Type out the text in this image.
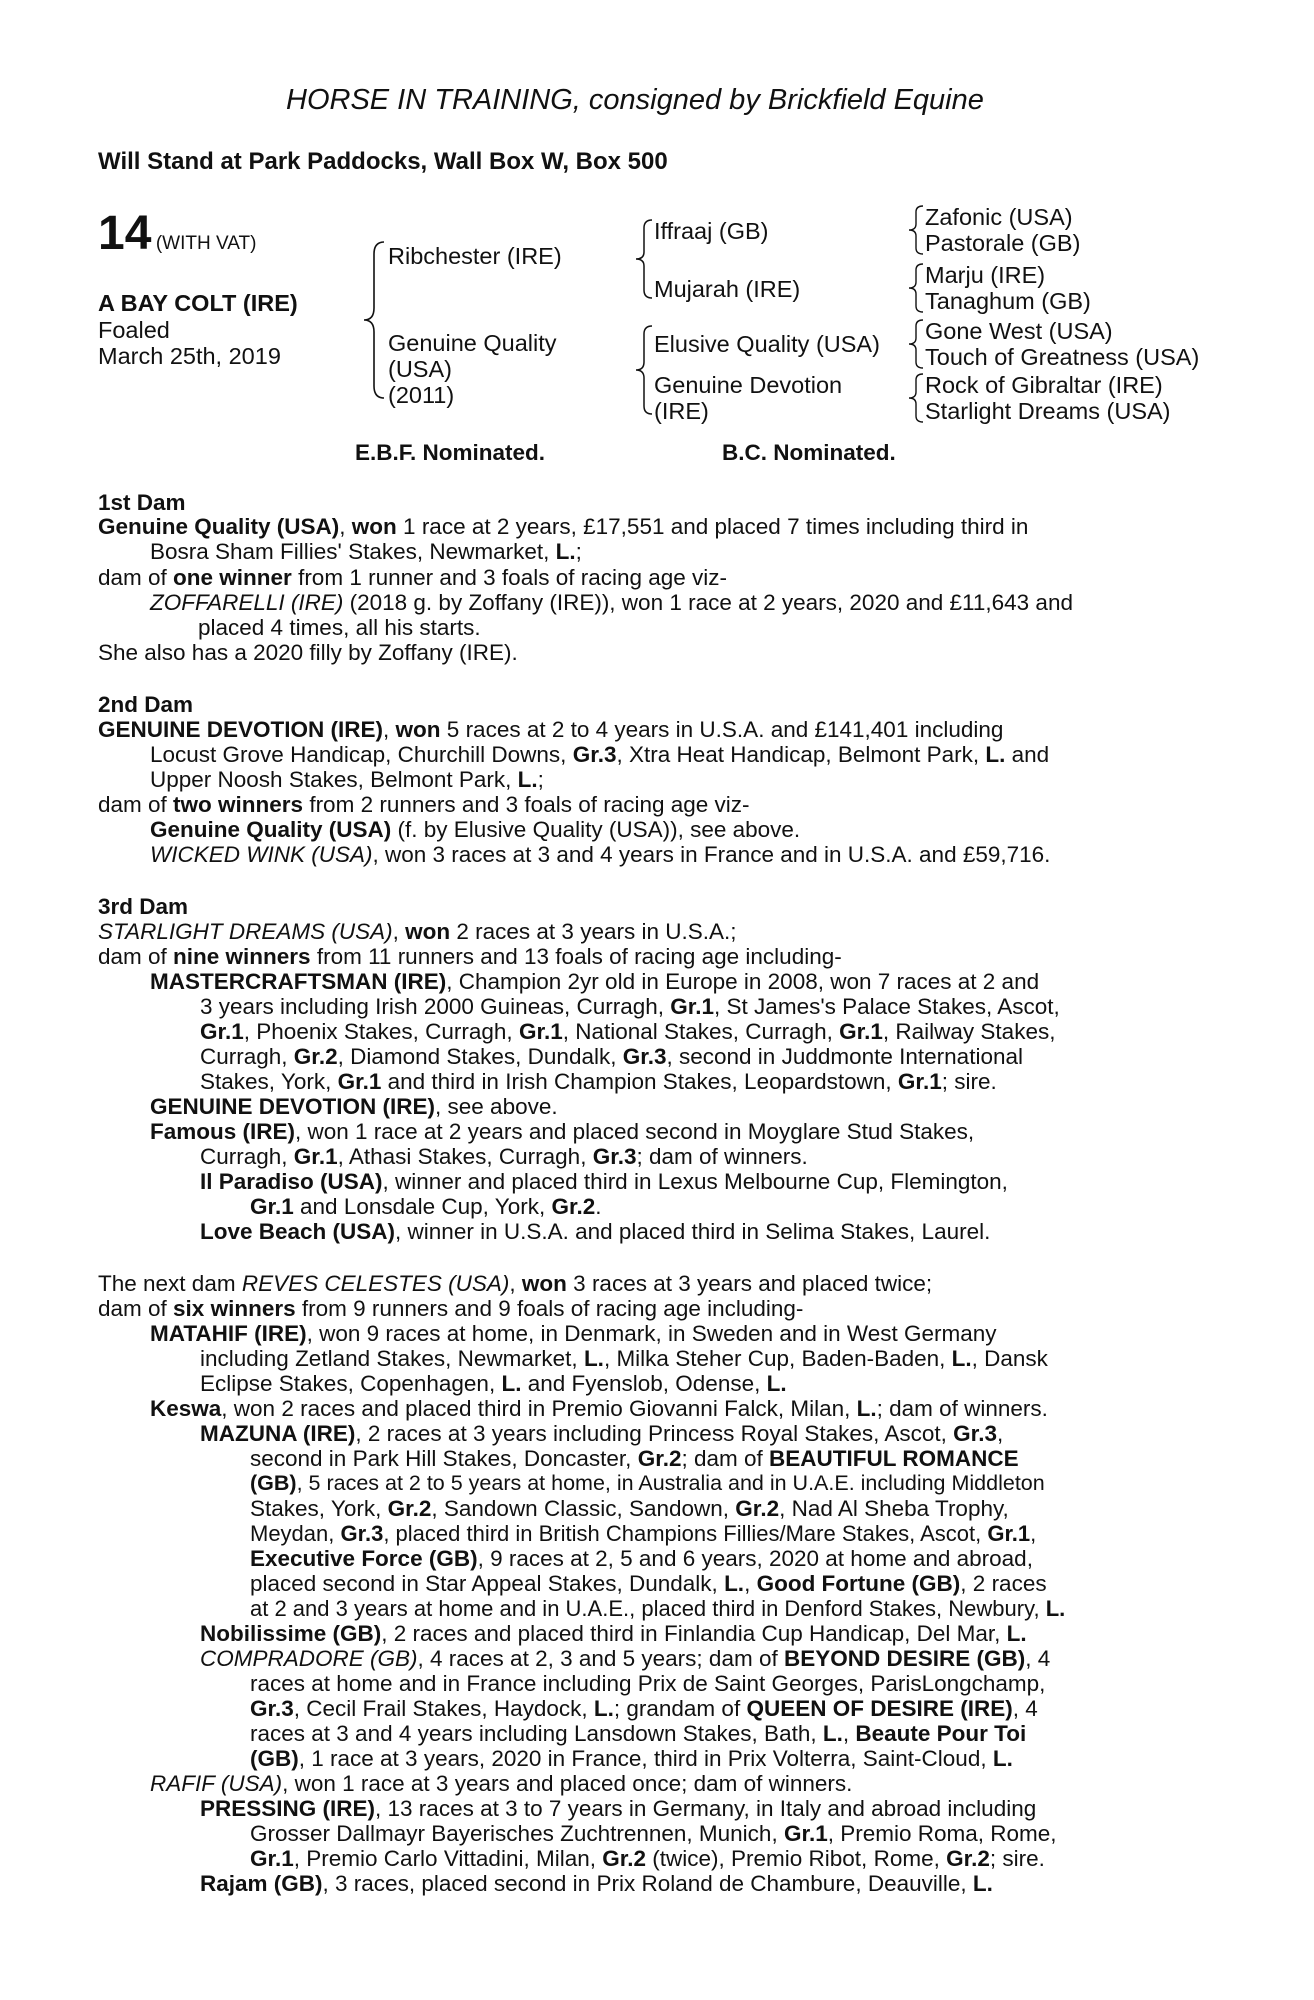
HORSE IN TRAINING, consigned by Brickfield Equine
Will Stand at Park Paddocks, Wall Box W, Box 500
14 (WITH VAT)
A BAY COLT (IRE)
Foaled
March 25th, 2019
Ribchester (IRE)
Genuine Quality
(USA)
(2011)
Iffraaj (GB)
Mujarah (IRE)
Elusive Quality (USA)
Genuine Devotion
(IRE)
Zafonic (USA)
Pastorale (GB)
Marju (IRE)
Tanaghum (GB)
Gone West (USA)
Touch of Greatness (USA)
Rock of Gibraltar (IRE)
Starlight Dreams (USA)
E.B.F. Nominated.	B.C. Nominated.
1st Dam
Genuine Quality (USA), won 1 race at 2 years, £17,551 and placed 7 times including third in
Bosra Sham Fillies' Stakes, Newmarket, L.;
dam of one winner from 1 runner and 3 foals of racing age viz-
ZOFFARELLI (IRE) (2018 g. by Zoffany (IRE)), won 1 race at 2 years, 2020 and £11,643 and
placed 4 times, all his starts.
She also has a 2020 filly by Zoffany (IRE).
2nd Dam
GENUINE DEVOTION (IRE), won 5 races at 2 to 4 years in U.S.A. and £141,401 including
Locust Grove Handicap, Churchill Downs, Gr.3, Xtra Heat Handicap, Belmont Park, L. and
Upper Noosh Stakes, Belmont Park, L.;
dam of two winners from 2 runners and 3 foals of racing age viz-
Genuine Quality (USA) (f. by Elusive Quality (USA)), see above.
WICKED WINK (USA), won 3 races at 3 and 4 years in France and in U.S.A. and £59,716.
3rd Dam
STARLIGHT DREAMS (USA), won 2 races at 3 years in U.S.A.;
dam of nine winners from 11 runners and 13 foals of racing age including-
MASTERCRAFTSMAN (IRE), Champion 2yr old in Europe in 2008, won 7 races at 2 and
3 years including Irish 2000 Guineas, Curragh, Gr.1, St James's Palace Stakes, Ascot,
Gr.1, Phoenix Stakes, Curragh, Gr.1, National Stakes, Curragh, Gr.1, Railway Stakes,
Curragh, Gr.2, Diamond Stakes, Dundalk, Gr.3, second in Juddmonte International
Stakes, York, Gr.1 and third in Irish Champion Stakes, Leopardstown, Gr.1; sire.
GENUINE DEVOTION (IRE), see above.
Famous (IRE), won 1 race at 2 years and placed second in Moyglare Stud Stakes,
Curragh, Gr.1, Athasi Stakes, Curragh, Gr.3; dam of winners.
Il Paradiso (USA), winner and placed third in Lexus Melbourne Cup, Flemington,
Gr.1 and Lonsdale Cup, York, Gr.2.
Love Beach (USA), winner in U.S.A. and placed third in Selima Stakes, Laurel.
The next dam REVES CELESTES (USA), won 3 races at 3 years and placed twice;
dam of six winners from 9 runners and 9 foals of racing age including-
MATAHIF (IRE), won 9 races at home, in Denmark, in Sweden and in West Germany
including Zetland Stakes, Newmarket, L., Milka Steher Cup, Baden-Baden, L., Dansk
Eclipse Stakes, Copenhagen, L. and Fyenslob, Odense, L.
Keswa, won 2 races and placed third in Premio Giovanni Falck, Milan, L.; dam of winners.
MAZUNA (IRE), 2 races at 3 years including Princess Royal Stakes, Ascot, Gr.3,
second in Park Hill Stakes, Doncaster, Gr.2; dam of BEAUTIFUL ROMANCE
(GB), 5 races at 2 to 5 years at home, in Australia and in U.A.E. including Middleton
Stakes, York, Gr.2, Sandown Classic, Sandown, Gr.2, Nad Al Sheba Trophy,
Meydan, Gr.3, placed third in British Champions Fillies/Mare Stakes, Ascot, Gr.1,
Executive Force (GB), 9 races at 2, 5 and 6 years, 2020 at home and abroad,
placed second in Star Appeal Stakes, Dundalk, L., Good Fortune (GB), 2 races
at 2 and 3 years at home and in U.A.E., placed third in Denford Stakes, Newbury, L.
Nobilissime (GB), 2 races and placed third in Finlandia Cup Handicap, Del Mar, L.
COMPRADORE (GB), 4 races at 2, 3 and 5 years; dam of BEYOND DESIRE (GB), 4
races at home and in France including Prix de Saint Georges, ParisLongchamp,
Gr.3, Cecil Frail Stakes, Haydock, L.; grandam of QUEEN OF DESIRE (IRE), 4
races at 3 and 4 years including Lansdown Stakes, Bath, L., Beaute Pour Toi
(GB), 1 race at 3 years, 2020 in France, third in Prix Volterra, Saint-Cloud, L.
RAFIF (USA), won 1 race at 3 years and placed once; dam of winners.
PRESSING (IRE), 13 races at 3 to 7 years in Germany, in Italy and abroad including
Grosser Dallmayr Bayerisches Zuchtrennen, Munich, Gr.1, Premio Roma, Rome,
Gr.1, Premio Carlo Vittadini, Milan, Gr.2 (twice), Premio Ribot, Rome, Gr.2; sire.
Rajam (GB), 3 races, placed second in Prix Roland de Chambure, Deauville, L.
